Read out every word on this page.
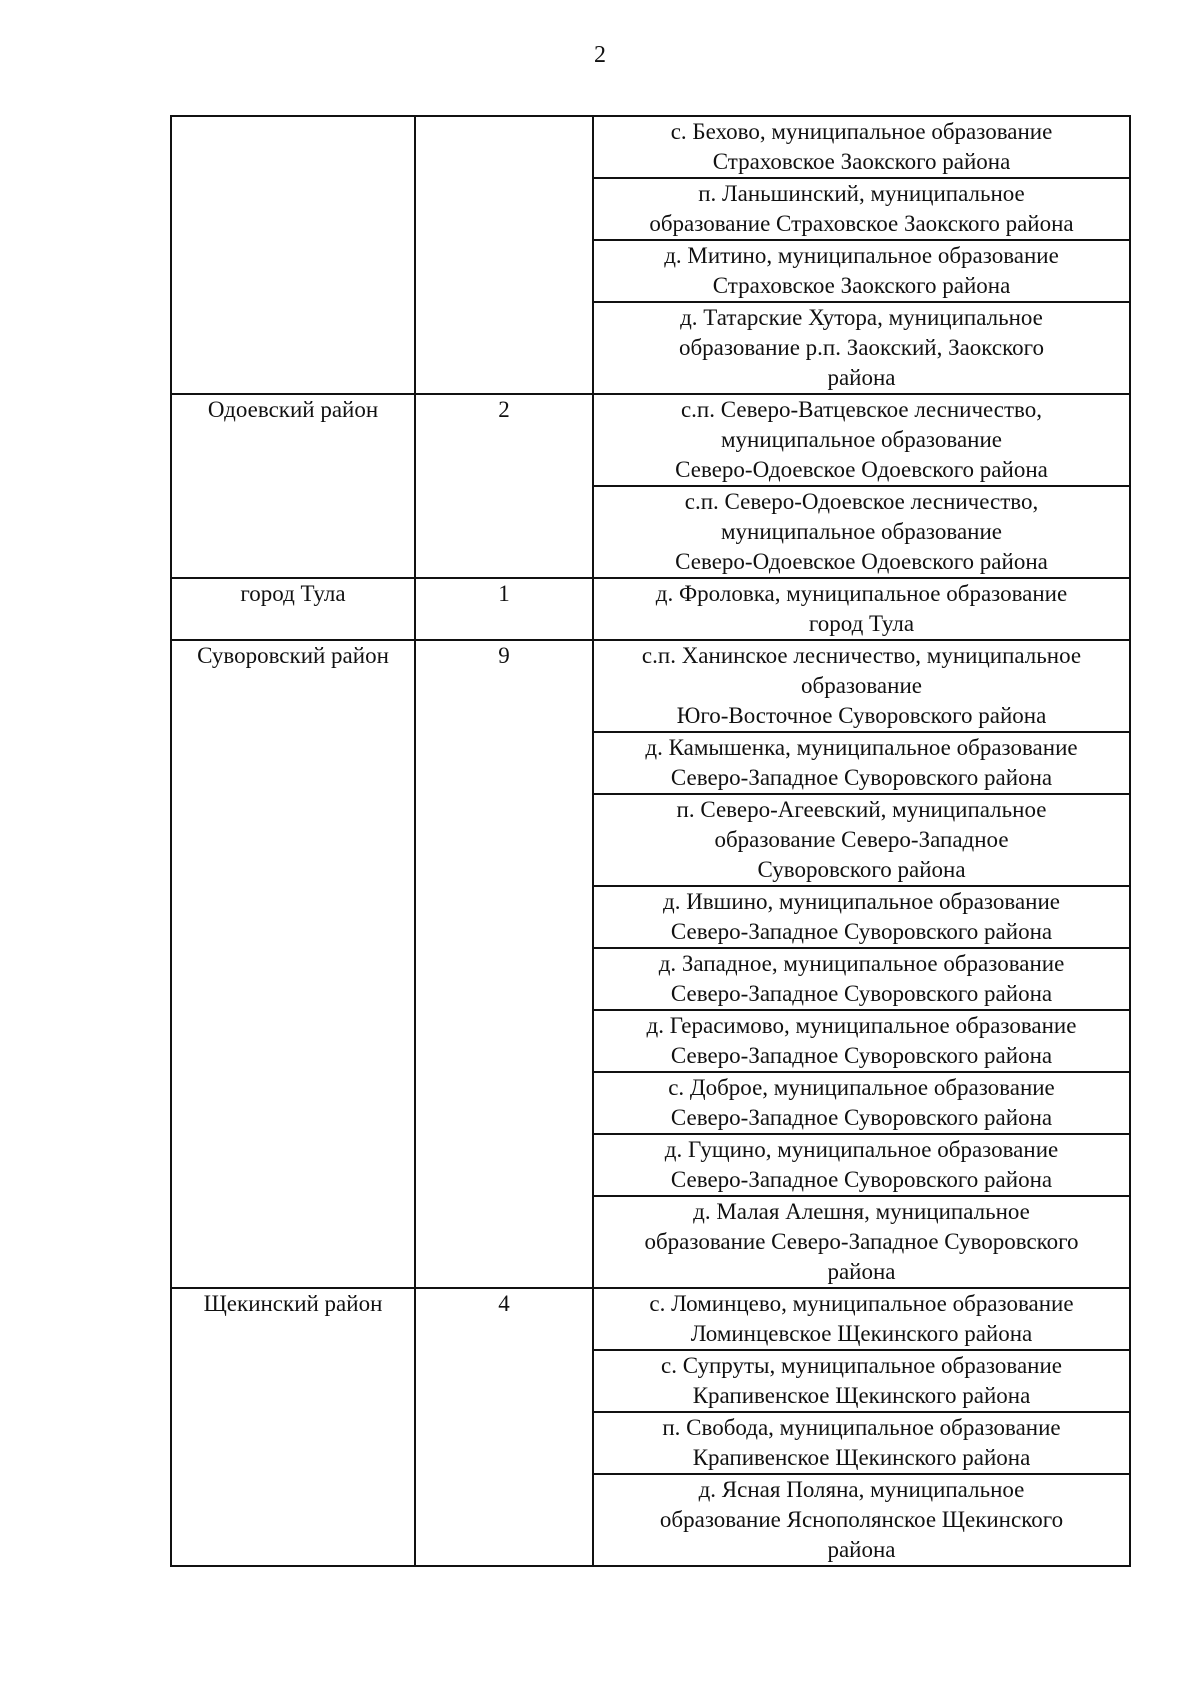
2

		с. Бехово, муниципальное образование
Страховское Заокского района

		п. Ланьшинский, муниципальное
образование Страховское Заокского района

		д. Митино, муниципальное образование
Страховское Заокского района

		д. Татарские Хутора, муниципальное
образование р.п. Заокский, Заокского
района

Одоевский район	2	с.п. Северо-Ватцевское лесничество,
муниципальное образование
Северо-Одоевское Одоевского района

		с.п. Северо-Одоевское лесничество,
муниципальное образование
Северо-Одоевское Одоевского района

город Тула	1	д. Фроловка, муниципальное образование
город Тула

Суворовский район	9	с.п. Ханинское лесничество, муниципальное
образование
Юго-Восточное Суворовского района

		д. Камышенка, муниципальное образование
Северо-Западное Суворовского района

		п. Северо-Агеевский, муниципальное
образование Северо-Западное
Суворовского района

		д. Ившино, муниципальное образование
Северо-Западное Суворовского района

		д. Западное, муниципальное образование
Северо-Западное Суворовского района

		д. Герасимово, муниципальное образование
Северо-Западное Суворовского района

		с. Доброе, муниципальное образование
Северо-Западное Суворовского района

		д. Гущино, муниципальное образование
Северо-Западное Суворовского района

		д. Малая Алешня, муниципальное
образование Северо-Западное Суворовского
района

Щекинский район	4	с. Ломинцево, муниципальное образование
Ломинцевское Щекинского района

		с. Супруты, муниципальное образование
Крапивенское Щекинского района

		п. Свобода, муниципальное образование
Крапивенское Щекинского района

		д. Ясная Поляна, муниципальное
образование Яснополянское Щекинского
района
